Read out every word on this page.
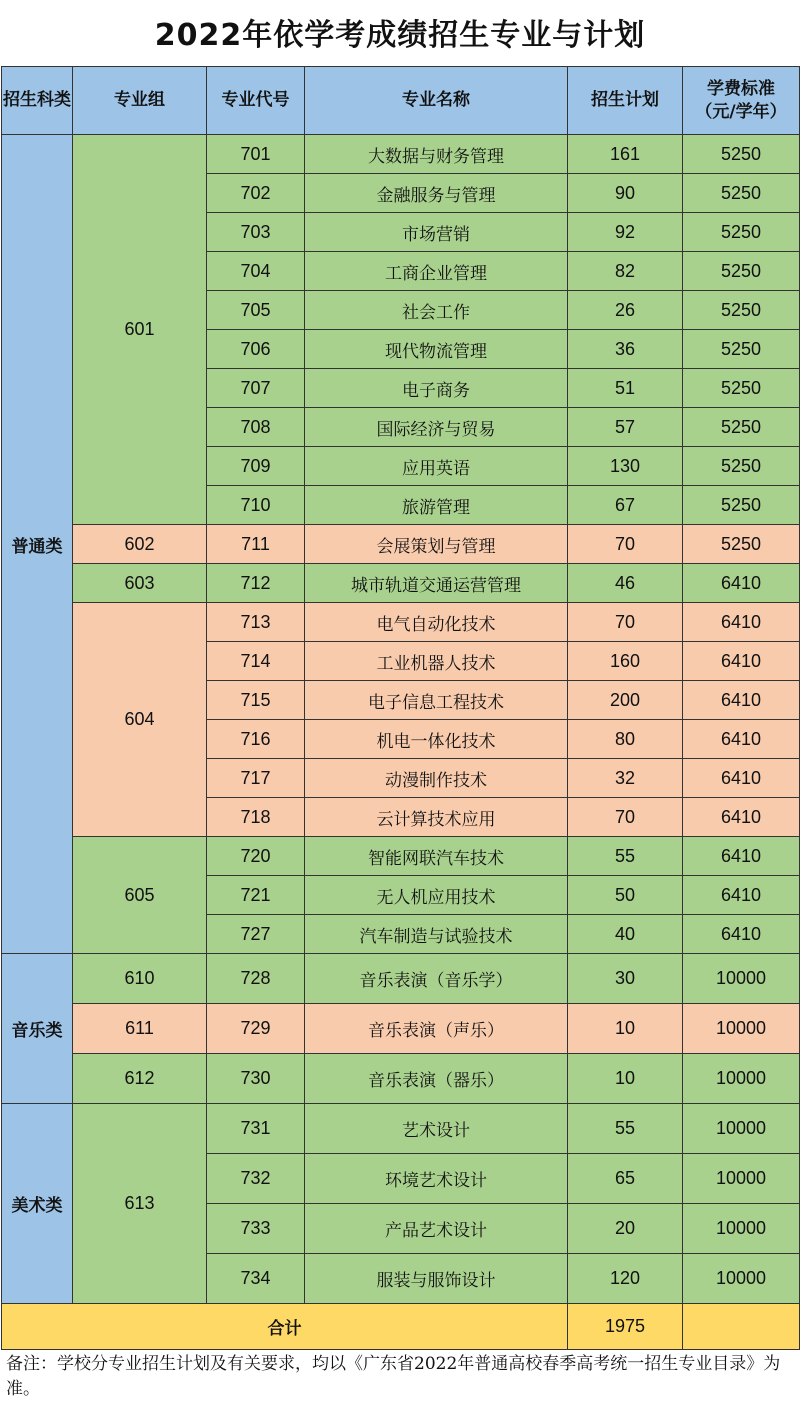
2022年依学考成绩招生专业与计划
招生科类	专业组	专业代号	专业名称	招生计划	学费标准
（元/学年）
普通类	601	701	大数据与财务管理	161	5250
		702	金融服务与管理	90	5250
		703	市场营销	92	5250
		704	工商企业管理	82	5250
		705	社会工作	26	5250
		706	现代物流管理	36	5250
		707	电子商务	51	5250
		708	国际经济与贸易	57	5250
		709	应用英语	130	5250
		710	旅游管理	67	5250
	602	711	会展策划与管理	70	5250
	603	712	城市轨道交通运营管理	46	6410
	604	713	电气自动化技术	70	6410
		714	工业机器人技术	160	6410
		715	电子信息工程技术	200	6410
		716	机电一体化技术	80	6410
		717	动漫制作技术	32	6410
		718	云计算技术应用	70	6410
	605	720	智能网联汽车技术	55	6410
		721	无人机应用技术	50	6410
		727	汽车制造与试验技术	40	6410
音乐类	610	728	音乐表演（音乐学）	30	10000
	611	729	音乐表演（声乐）	10	10000
	612	730	音乐表演（器乐）	10	10000
美术类	613	731	艺术设计	55	10000
		732	环境艺术设计	65	10000
		733	产品艺术设计	20	10000
		734	服装与服饰设计	120	10000
合计				1975	
备注：学校分专业招生计划及有关要求，均以《广东省2022年普通高校春季高考统一招生专业目录》为准。
